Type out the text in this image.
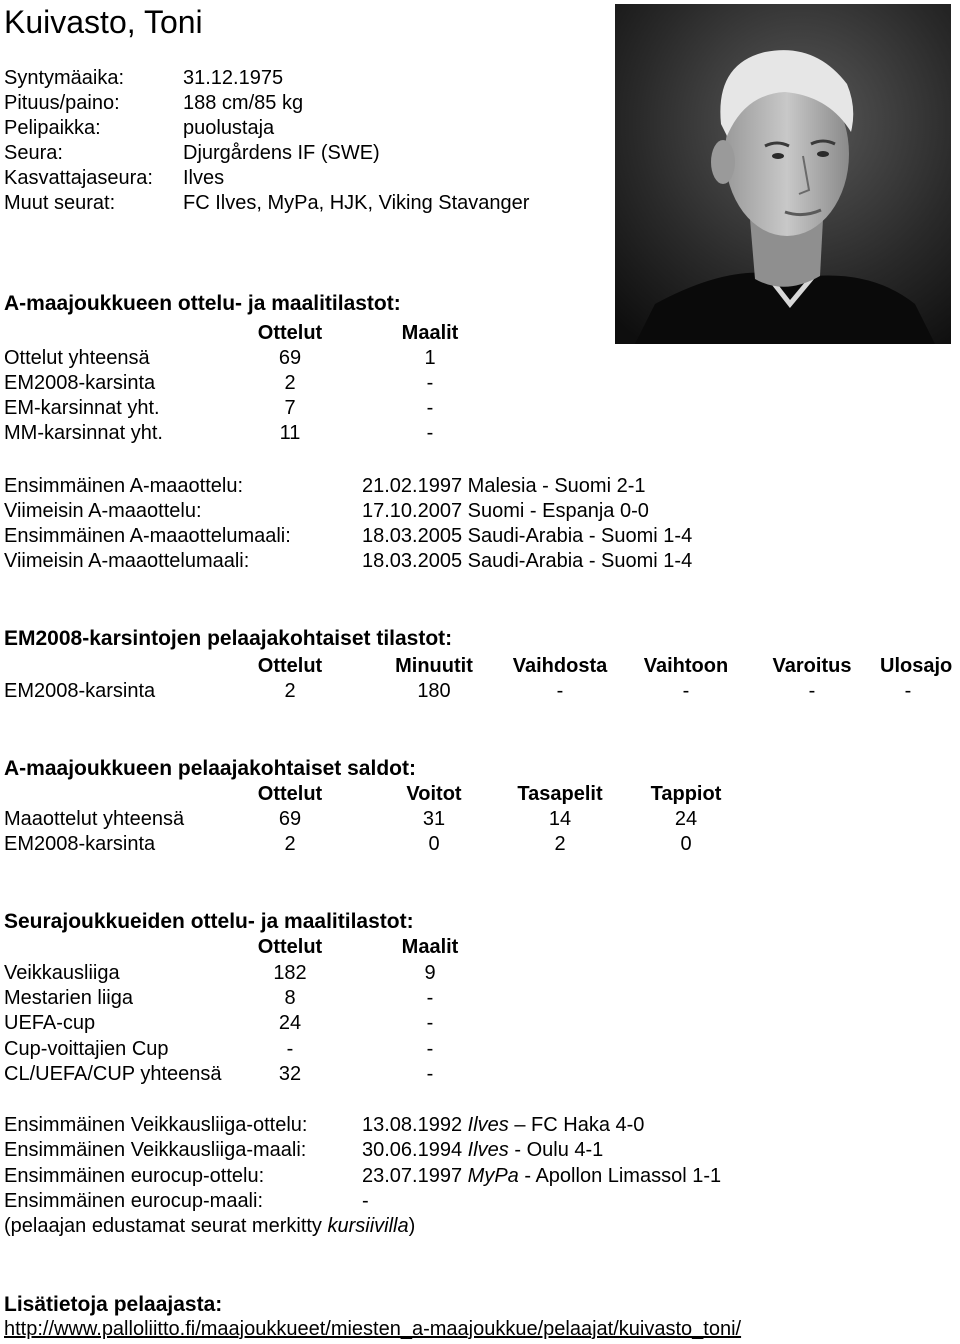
Kuivasto, Toni
Syntymäaika:	31.12.1975
Pituus/paino:	188 cm/85 kg
Pelipaikka:	puolustaja
Seura:	Djurgårdens IF (SWE)
Kasvattajaseura: Ilves
Muut seurat:	FC Ilves, MyPa, HJK, Viking Stavanger
A-maajoukkueen ottelu- ja maalitilastot:
Ottelut	Maalit
Ottelut yhteensä	69	1
EM2008-karsinta	2	-
EM-karsinnat yht.	7	-
MM-karsinnat yht.	11	-
Ensimmäinen A-maaottelu:	21.02.1997 Malesia - Suomi 2-1
Viimeisin A-maaottelu:	17.10.2007 Suomi - Espanja 0-0
Ensimmäinen A-maaottelumaali:	18.03.2005 Saudi-Arabia - Suomi 1-4
Viimeisin A-maaottelumaali:	18.03.2005 Saudi-Arabia - Suomi 1-4
EM2008-karsintojen pelaajakohtaiset tilastot:
Ottelut	Minuutit	Vaihdosta	Vaihtoon	Varoitus	Ulosajo
EM2008-karsinta	2	180	-	-	-	-
A-maajoukkueen pelaajakohtaiset saldot:
Ottelut	Voitot	Tasapelit	Tappiot
Maaottelut yhteensä	69	31	14	24
EM2008-karsinta	2	0	2	0
Seurajoukkueiden ottelu- ja maalitilastot:
Ottelut	Maalit
Veikkausliiga	182	9
Mestarien liiga	8	-
UEFA-cup	24	-
Cup-voittajien Cup	-	-
CL/UEFA/CUP yhteensä	32	-
Ensimmäinen Veikkausliiga-ottelu:	13.08.1992 Ilves – FC Haka 4-0
Ensimmäinen Veikkausliiga-maali:	30.06.1994 Ilves - Oulu 4-1
Ensimmäinen eurocup-ottelu:	23.07.1997 MyPa - Apollon Limassol 1-1
Ensimmäinen eurocup-maali:	-
(pelaajan edustamat seurat merkitty kursiivilla)
Lisätietoja pelaajasta:
http://www.palloliitto.fi/maajoukkueet/miesten_a-maajoukkue/pelaajat/kuivasto_toni/
